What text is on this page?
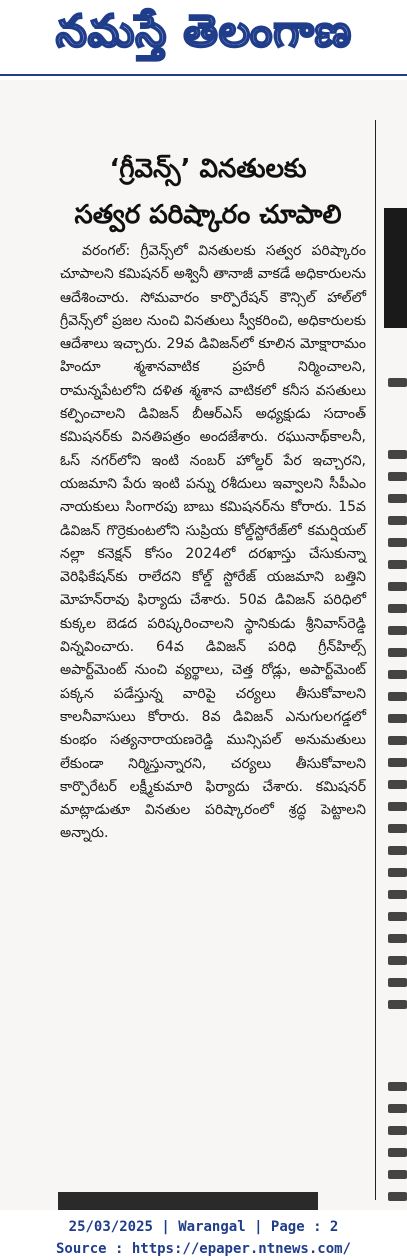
నమస్తే తెలంగాణ
‘గ్రీవెన్స్‌’ వినతులకు
సత్వర పరిష్కారం చూపాలి
వరంగల్‌: గ్రీవెన్స్‌లో వినతులకు సత్వర పరిష్కారం చూపాలని కమిషనర్‌ అశ్వినీ తానాజీ వాకడే అధికారులను ఆదేశించారు. సోమవారం కార్పొరేషన్‌ కౌన్సిల్‌ హాల్‌లో గ్రీవెన్స్‌లో ప్రజల నుంచి వినతులు స్వీకరించి, అధికారులకు ఆదేశాలు ఇచ్చారు. 29వ డివిజన్‌లో కూలిన మోక్షారామం హిందూ శ్మశానవాటిక ప్రహరీ నిర్మించాలని, రామన్నపేటలోని దళిత శ్మశాన వాటికలో కనీస వసతులు కల్పించాలని డివిజన్‌ బీఆర్‌ఎస్‌ అధ్యక్షుడు సదాంత్‌ కమిషనర్‌కు వినతిపత్రం అందజేశారు. రఘునాథ్‌కాలనీ, ఓస్‌ నగర్‌లోని ఇంటి నంబర్‌ హోల్డర్‌ పేర ఇచ్చారని, యజమాని పేరు ఇంటి పన్ను రశీదులు ఇవ్వాలని సీపీఎం నాయకులు సింగారపు బాబు కమిషనర్‌ను కోరారు. 15వ డివిజన్‌ గొర్రెకుంటలోని సుప్రియ కోల్డ్‌స్టోరేజ్‌లో కమర్షియల్‌ నల్లా కనెక్షన్‌ కోసం 2024లో దరఖాస్తు చేసుకున్నా వెరిఫికేషన్‌కు రాలేదని కోల్డ్‌ స్టోరేజ్‌ యజమాని బత్తిని మోహన్‌రావు ఫిర్యాదు చేశారు. 50వ డివిజన్‌ పరిధిలో కుక్కల బెడద పరిష్కరించాలని స్థానికుడు శ్రీనివాస్‌రెడ్డి విన్నవించారు. 64వ డివిజన్‌ పరిధి గ్రీన్‌హిల్స్‌ అపార్ట్‌మెంట్‌ నుంచి వ్యర్థాలు, చెత్త రోడ్లు, అపార్ట్‌మెంట్‌ పక్కన పడేస్తున్న వారిపై చర్యలు తీసుకోవాలని కాలనీవాసులు కోరారు. 8వ డివిజన్‌ ఎనుగులగడ్డలో కుంభం సత్యనారాయణరెడ్డి మున్సిపల్‌ అనుమతులు లేకుండా నిర్మిస్తున్నారని, చర్యలు తీసుకోవాలని కార్పొరేటర్‌ లక్ష్మీకుమారి ఫిర్యాదు చేశారు. కమిషనర్‌ మాట్లాడుతూ వినతుల పరిష్కారంలో శ్రద్ధ పెట్టాలని అన్నారు.
25/03/2025 | Warangal | Page : 2
Source : https://epaper.ntnews.com/
